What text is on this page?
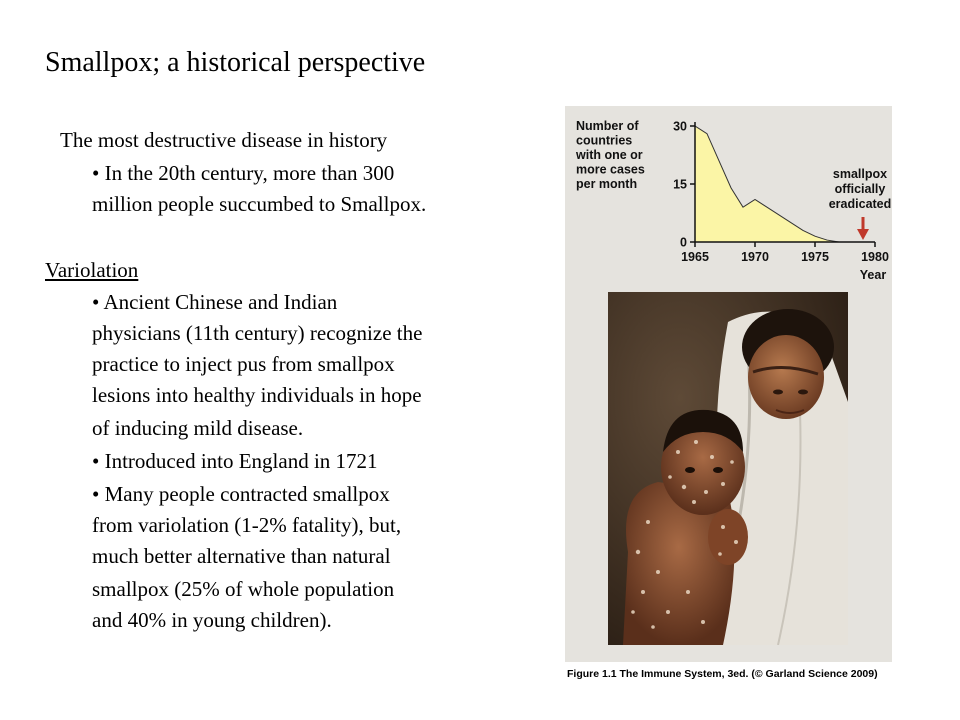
Smallpox; a historical perspective
The most destructive disease in history
• In the 20th century, more than 300
million people succumbed to Smallpox.
Variolation
• Ancient Chinese and Indian
physicians (11th century) recognize the
practice to inject pus from smallpox
lesions into healthy individuals in hope
of inducing mild disease.
• Introduced into England in 1721
• Many people contracted smallpox
from variolation (1-2% fatality), but,
much better alternative than natural
smallpox (25% of whole population
and 40% in young children).
Number of
countries
with one or
more cases
per month
0
15
30
1965	1970	1975	1980
Year
smallpox
officially
eradicated
Figure 1.1 The Immune System, 3ed. (© Garland Science 2009)
